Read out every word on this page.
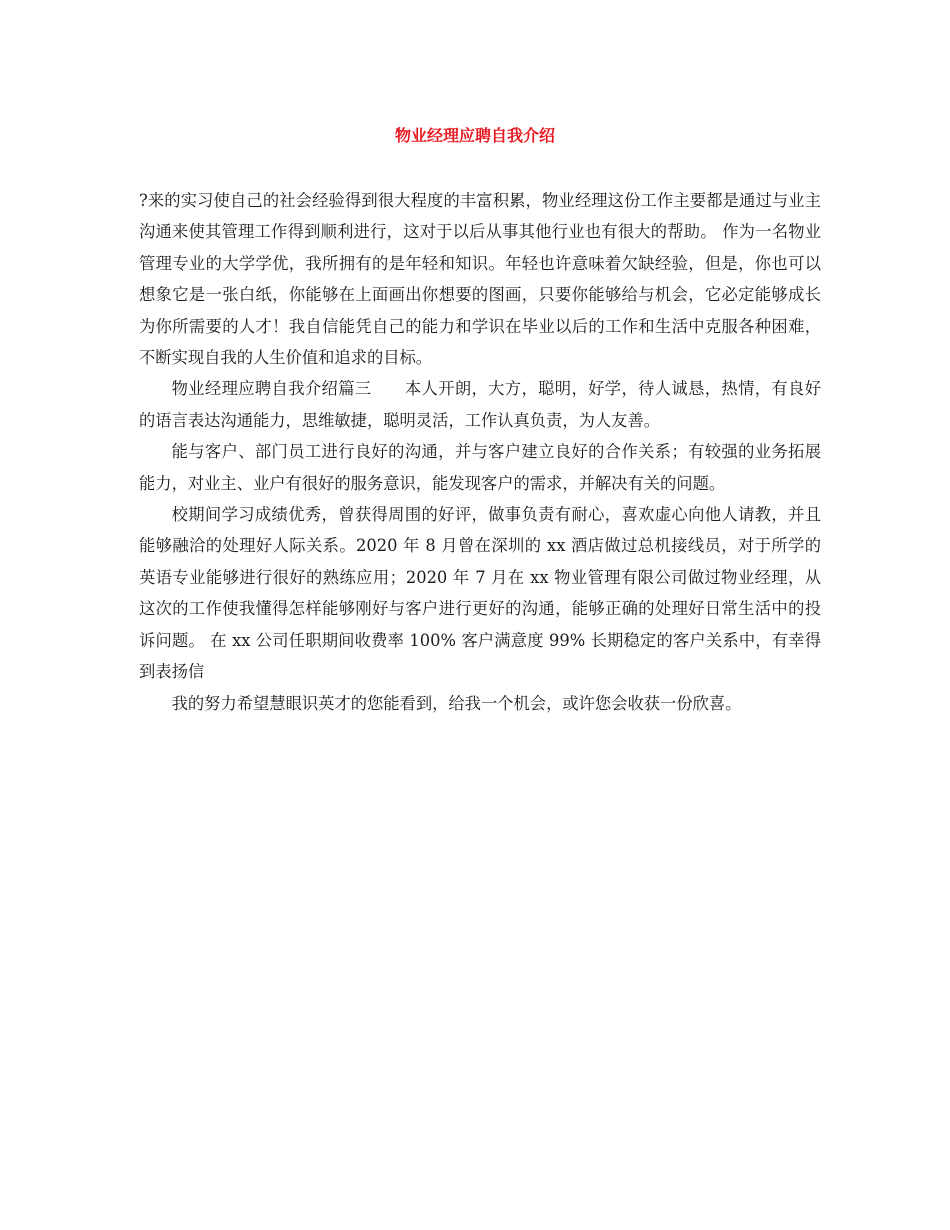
物业经理应聘自我介绍

?来的实习使自己的社会经验得到很大程度的丰富积累，物业经理这份工作主要都是通过与业主沟通来使其管理工作得到顺利进行，这对于以后从事其他行业也有很大的帮助。 作为一名物业管理专业的大学学优，我所拥有的是年轻和知识。年轻也许意味着欠缺经验，但是，你也可以想象它是一张白纸，你能够在上面画出你想要的图画，只要你能够给与机会，它必定能够成长为你所需要的人才！我自信能凭自己的能力和学识在毕业以后的工作和生活中克服各种困难，不断实现自我的人生价值和追求的目标。

物业经理应聘自我介绍篇三　　本人开朗，大方，聪明，好学，待人诚恳，热情，有良好的语言表达沟通能力，思维敏捷，聪明灵活，工作认真负责，为人友善。

能与客户、部门员工进行良好的沟通，并与客户建立良好的合作关系；有较强的业务拓展能力，对业主、业户有很好的服务意识，能发现客户的需求，并解决有关的问题。

校期间学习成绩优秀，曾获得周围的好评，做事负责有耐心，喜欢虚心向他人请教，并且能够融洽的处理好人际关系。2020 年 8 月曾在深圳的 xx 酒店做过总机接线员，对于所学的英语专业能够进行很好的熟练应用；2020 年 7 月在 xx 物业管理有限公司做过物业经理，从这次的工作使我懂得怎样能够刚好与客户进行更好的沟通，能够正确的处理好日常生活中的投诉问题。 在 xx 公司任职期间收费率 100% 客户满意度 99% 长期稳定的客户关系中，有幸得到表扬信

我的努力希望慧眼识英才的您能看到，给我一个机会，或许您会收获一份欣喜。
